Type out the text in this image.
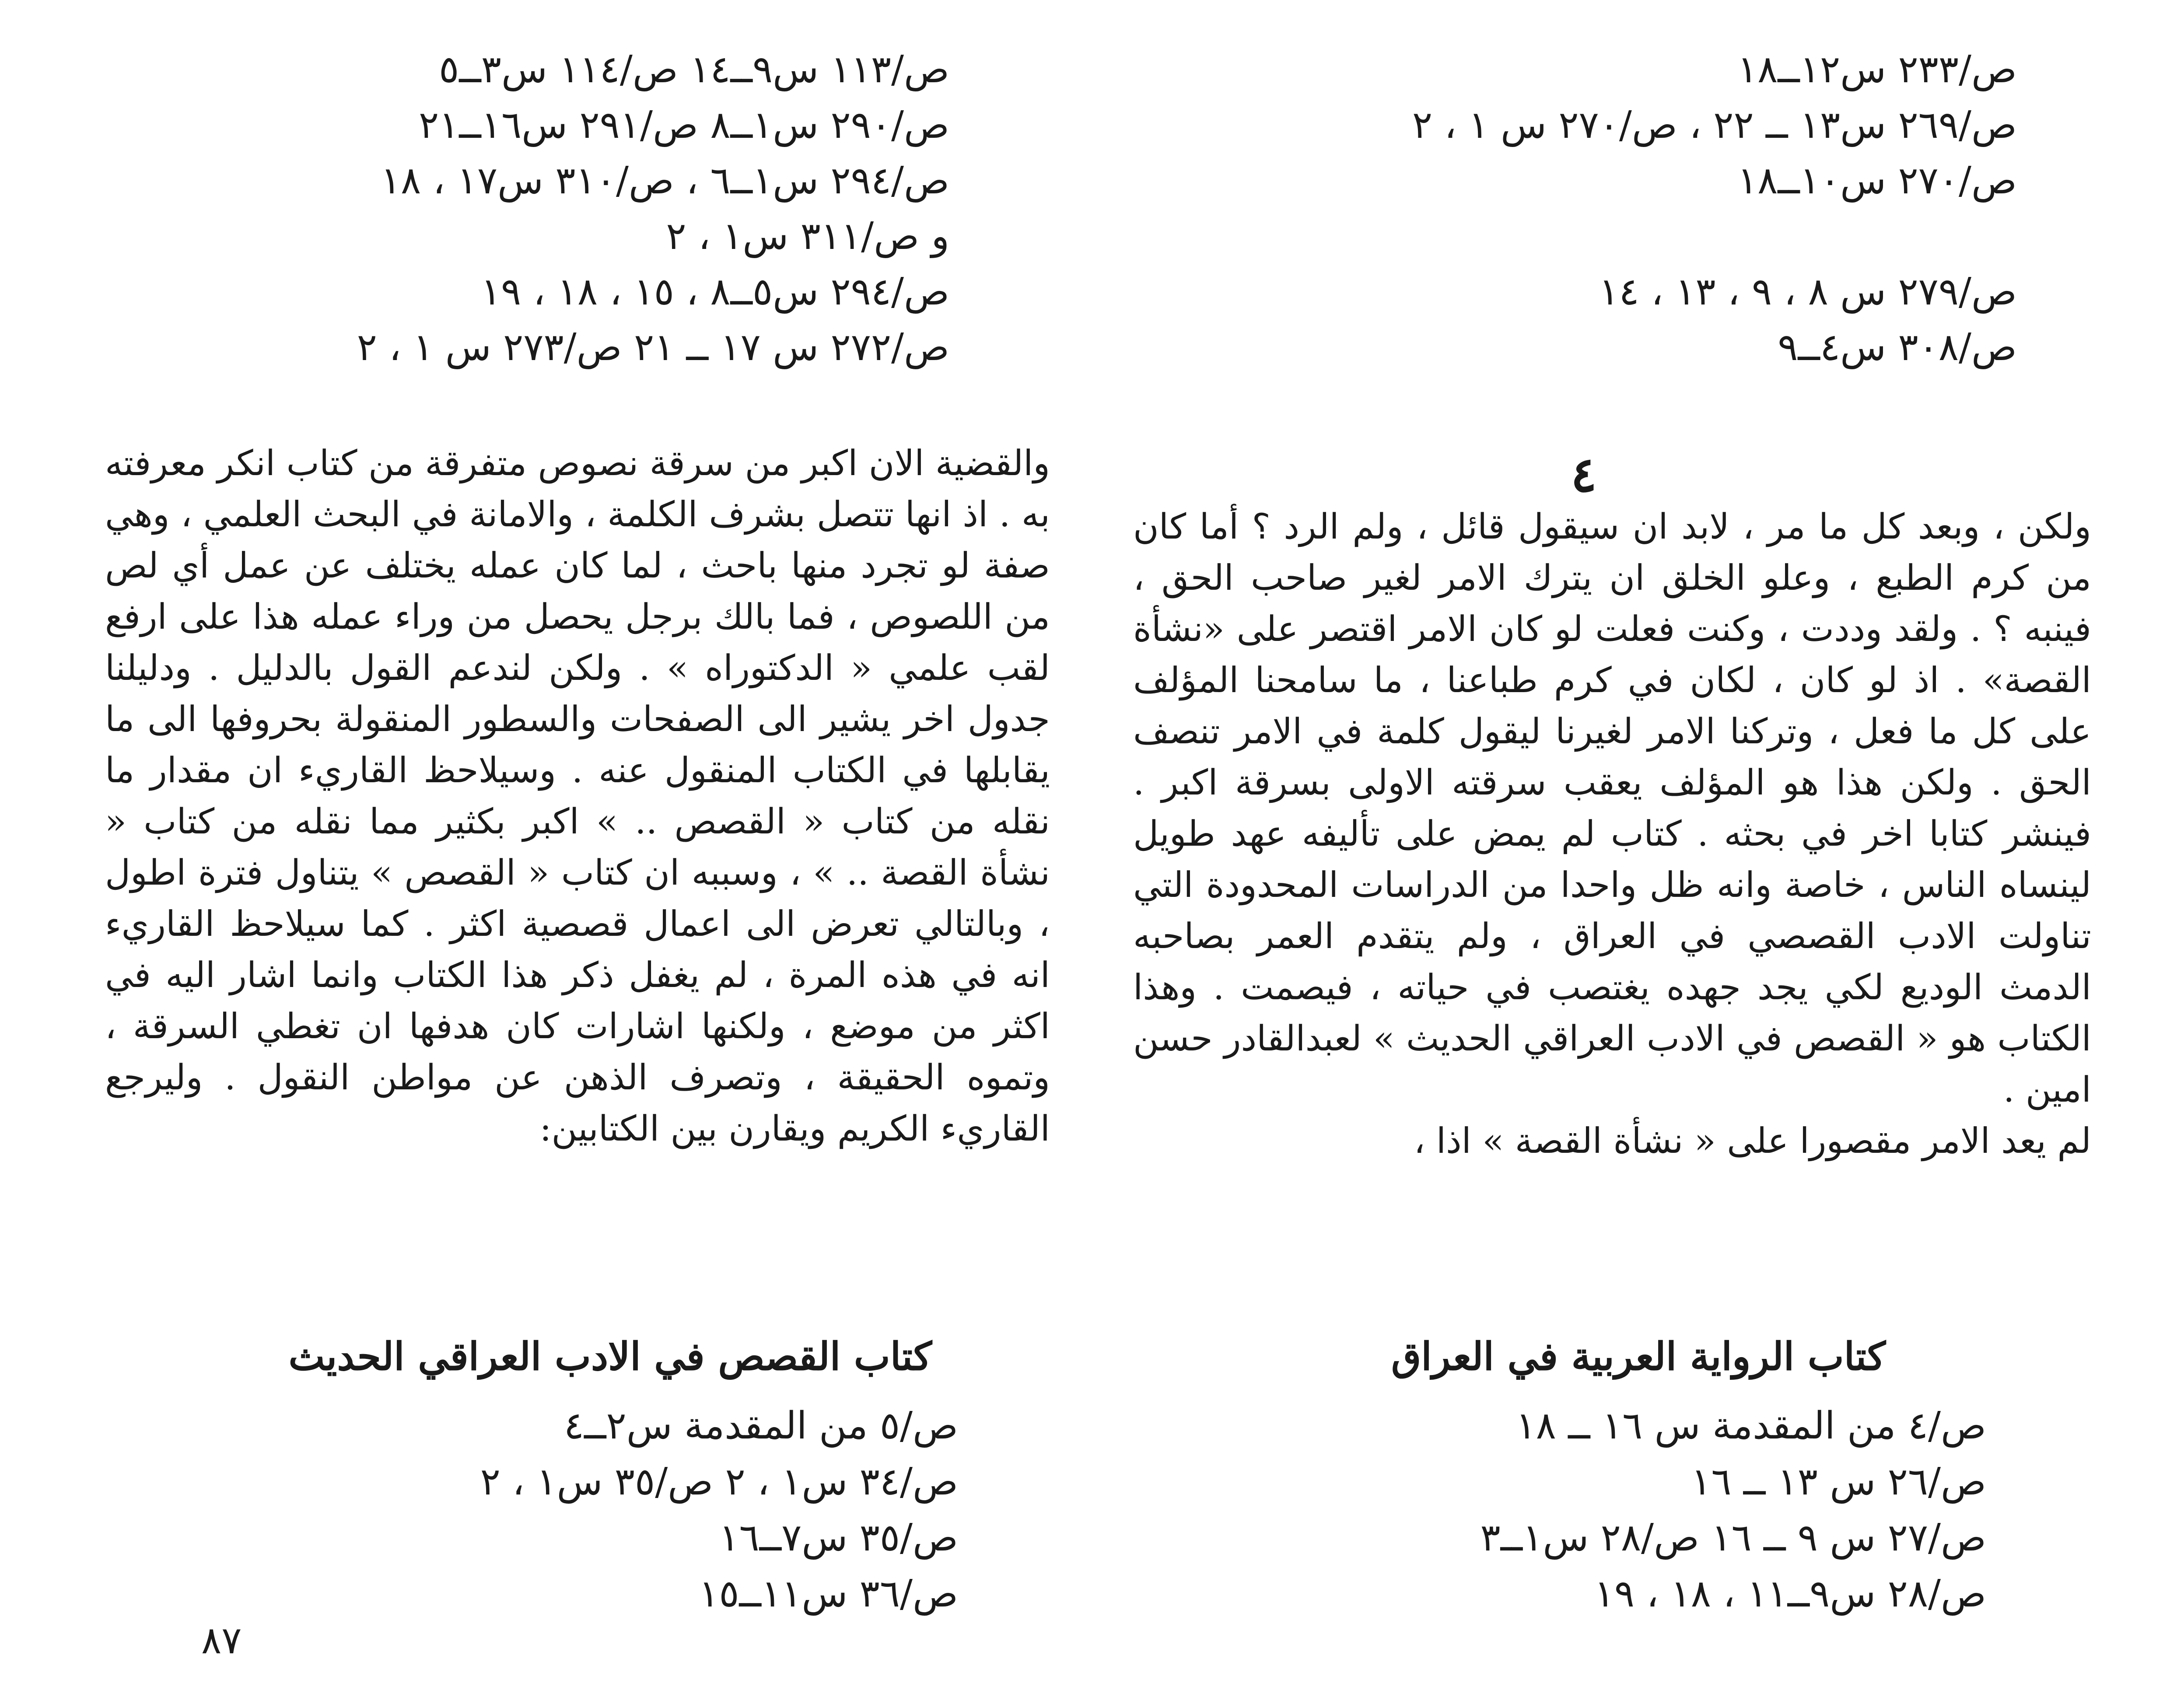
ص/٢٣٣ س١٢ــ١٨
ص/٢٦٩ س١٣ ــ ٢٢ ، ص/٢٧٠ س ١ ، ٢
ص/٢٧٠ س١٠ــ١٨
ص/٢٧٩ س ٨ ، ٩ ، ١٣ ، ١٤
ص/٣٠٨ س٤ــ٩
ص/١١٣ س٩ــ١٤ ص/١١٤ س٣ــ٥
ص/٢٩٠ س١ــ٨ ص/٢٩١ س١٦ــ٢١
ص/٢٩٤ س١ــ٦ ، ص/٣١٠ س١٧ ، ١٨
و ص/٣١١ س١ ، ٢
ص/٢٩٤ س٥ــ٨ ، ١٥ ، ١٨ ، ١٩
ص/٢٧٢ س ١٧ ــ ٢١ ص/٢٧٣ س ١ ، ٢
٤

ولكن ، وبعد كل ما مر ، لابد ان سيقول قائل ، ولم الرد ؟ أما كان من كرم الطبع ، وعلو الخلق ان يترك الامر لغير صاحب الحق ، فينبه ؟ . ولقد وددت ، وكنت فعلت لو كان الامر اقتصر على «نشأة القصة» . اذ لو كان ، لكان في كرم طباعنا ، ما سامحنا المؤلف على كل ما فعل ، وتركنا الامر لغيرنا ليقول كلمة في الامر تنصف الحق . ولكن هذا هو المؤلف يعقب سرقته الاولى بسرقة اكبر . فينشر كتابا اخر في بحثه . كتاب لم يمض على تأليفه عهد طويل لينساه الناس ، خاصة وانه ظل واحدا من الدراسات المحدودة التي تناولت الادب القصصي في العراق ، ولم يتقدم العمر بصاحبه الدمث الوديع لكي يجد جهده يغتصب في حياته ، فيصمت . وهذا الكتاب هو « القصص في الادب العراقي الحديث » لعبدالقادر حسن امين .

لم يعد الامر مقصورا على « نشأة القصة » اذا ،

والقضية الان اكبر من سرقة نصوص متفرقة من كتاب انكر معرفته به . اذ انها تتصل بشرف الكلمة ، والامانة في البحث العلمي ، وهي صفة لو تجرد منها باحث ، لما كان عمله يختلف عن عمل أي لص من اللصوص ، فما بالك برجل يحصل من وراء عمله هذا على ارفع لقب علمي « الدكتوراه » . ولكن لندعم القول بالدليل . ودليلنا جدول اخر يشير الى الصفحات والسطور المنقولة بحروفها الى ما يقابلها في الكتاب المنقول عنه . وسيلاحظ القاريء ان مقدار ما نقله من كتاب « القصص .. » اكبر بكثير مما نقله من كتاب « نشأة القصة .. » ، وسببه ان كتاب « القصص » يتناول فترة اطول ، وبالتالي تعرض الى اعمال قصصية اكثر . كما سيلاحظ القاريء انه في هذه المرة ، لم يغفل ذكر هذا الكتاب وانما اشار اليه في اكثر من موضع ، ولكنها اشارات كان هدفها ان تغطي السرقة ، وتموه الحقيقة ، وتصرف الذهن عن مواطن النقول . وليرجع القاريء الكريم ويقارن بين الكتابين:

كتاب الرواية العربية في العراق
كتاب القصص في الادب العراقي الحديث
ص/٤ من المقدمة س ١٦ ــ ١٨
ص/٢٦ س ١٣ ــ ١٦
ص/٢٧ س ٩ ــ ١٦ ص/٢٨ س١ــ٣
ص/٢٨ س٩ــ١١ ، ١٨ ، ١٩
ص/٥ من المقدمة س٢ــ٤
ص/٣٤ س١ ، ٢ ص/٣٥ س١ ، ٢
ص/٣٥ س٧ــ١٦
ص/٣٦ س١١ــ١٥
٨٧
